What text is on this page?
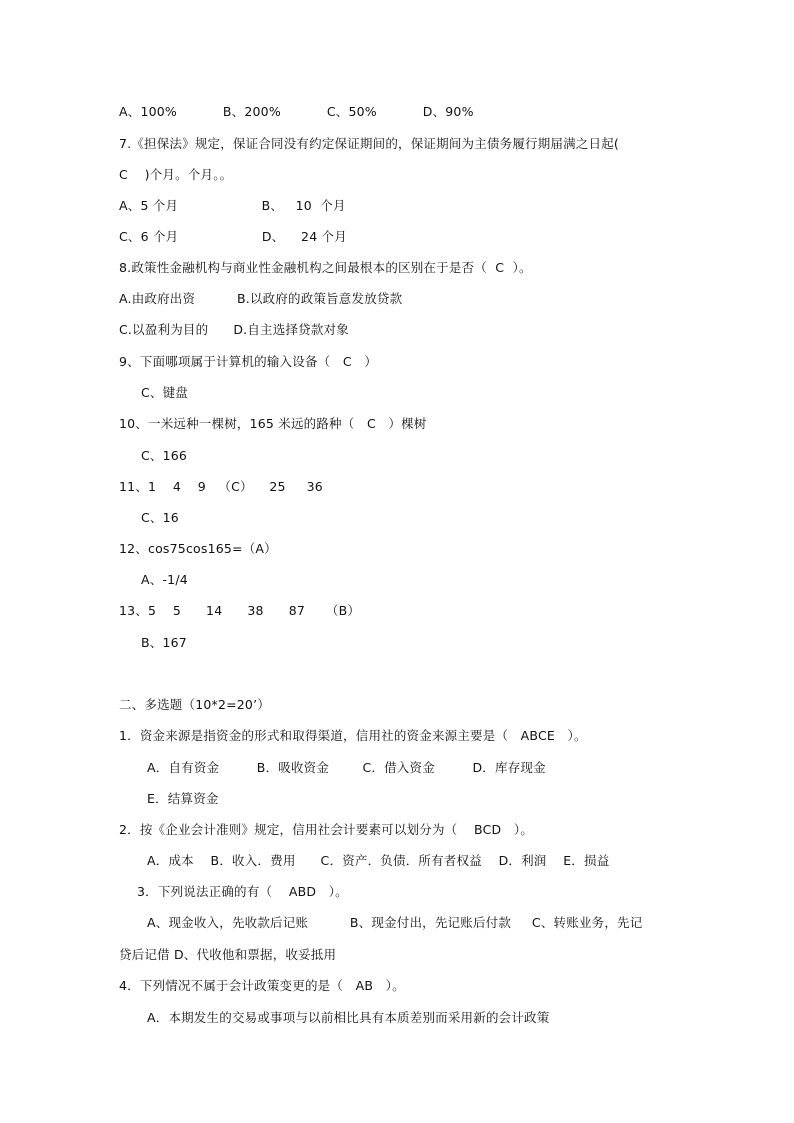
A、100%           B、200%           C、50%           D、90%
7.《担保法》规定，保证合同没有约定保证期间的，保证期间为主债务履行期届满之日起(
C    )个月。个月。。
A、5 个月                    B、   10  个月
C、6 个月                    D、    24 个月
8.政策性金融机构与商业性金融机构之间最根本的区别在于是否（  C  ）。
A.由政府出资          B.以政府的政策旨意发放贷款
C.以盈利为目的      D.自主选择贷款对象
9、下面哪项属于计算机的输入设备（   C   ）
C、键盘
10、一米远种一棵树，165 米远的路种（   C   ）棵树
C、166
11、1    4    9   （C）    25     36
C、16
12、cos75cos165=（A）
A、-1/4
13、5    5      14      38      87     （B）
B、167
二、多选题（10*2=20’）
1．资金来源是指资金的形式和取得渠道，信用社的资金来源主要是（   ABCE   ）。
A．自有资金         B．吸收资金        C．借入资金         D．库存现金
E．结算资金
2．按《企业会计准则》规定，信用社会计要素可以划分为（    BCD   ）。
A．成本    B．收入．费用      C．资产．负债．所有者权益    D．利润    E．损益
3．下列说法正确的有（    ABD   ）。
A、现金收入，先收款后记账          B、现金付出，先记账后付款     C、转账业务，先记
贷后记借 D、代收他和票据，收妥抵用
4．下列情况不属于会计政策变更的是（   AB   ）。
A．本期发生的交易或事项与以前相比具有本质差别而采用新的会计政策
